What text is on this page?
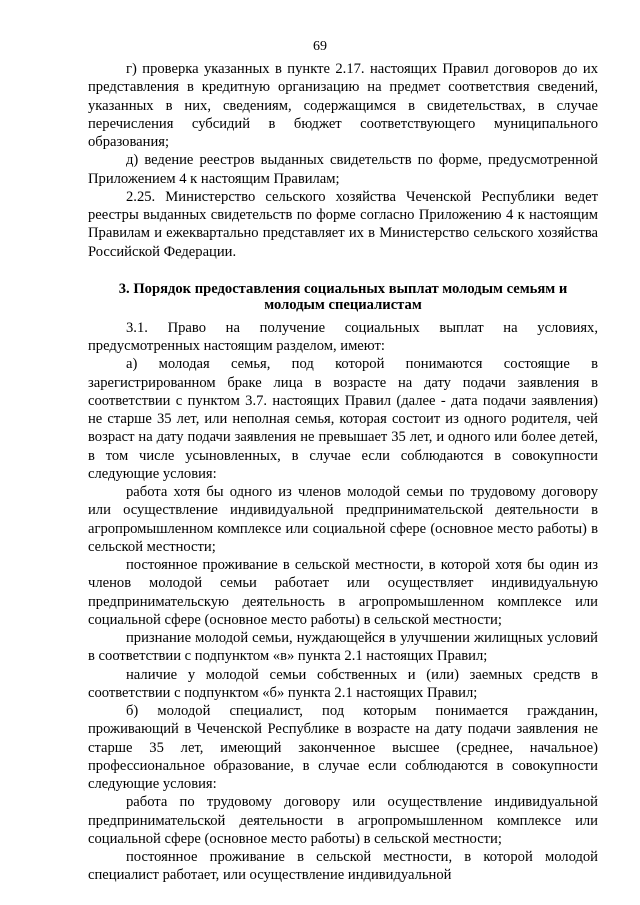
69

г) проверка указанных в пункте 2.17. настоящих Правил договоров до их представления в кредитную организацию на предмет соответствия сведений, указанных в них, сведениям, содержащимся в свидетельствах, в случае перечисления субсидий в бюджет соответствующего муниципального образования;

д) ведение реестров выданных свидетельств по форме, предусмотренной Приложением 4 к настоящим Правилам;

2.25. Министерство сельского хозяйства Чеченской Республики ведет реестры выданных свидетельств по форме согласно Приложению 4 к настоящим Правилам и ежеквартально представляет их в Министерство сельского хозяйства Российской Федерации.

3. Порядок предоставления социальных выплат молодым семьям и молодым специалистам

3.1. Право на получение социальных выплат на условиях, предусмотренных настоящим разделом, имеют:

а) молодая семья, под которой понимаются состоящие в зарегистрированном браке лица в возрасте на дату подачи заявления в соответствии с пунктом 3.7. настоящих Правил (далее - дата подачи заявления) не старше 35 лет, или неполная семья, которая состоит из одного родителя, чей возраст на дату подачи заявления не превышает 35 лет, и одного или более детей, в том числе усыновленных, в случае если соблюдаются в совокупности следующие условия:

работа хотя бы одного из членов молодой семьи по трудовому договору или осуществление индивидуальной предпринимательской деятельности в агропромышленном комплексе или социальной сфере (основное место работы) в сельской местности;

постоянное проживание в сельской местности, в которой хотя бы один из членов молодой семьи работает или осуществляет индивидуальную предпринимательскую деятельность в агропромышленном комплексе или социальной сфере (основное место работы) в сельской местности;

признание молодой семьи, нуждающейся в улучшении жилищных условий в соответствии с подпунктом «в» пункта 2.1 настоящих Правил;

наличие у молодой семьи собственных и (или) заемных средств в соответствии с подпунктом «б» пункта 2.1 настоящих Правил;

б) молодой специалист, под которым понимается гражданин, проживающий в Чеченской Республике в возрасте на дату подачи заявления не старше 35 лет, имеющий законченное высшее (среднее, начальное) профессиональное образование, в случае если соблюдаются в совокупности следующие условия:

работа по трудовому договору или осуществление индивидуальной предпринимательской деятельности в агропромышленном комплексе или социальной сфере (основное место работы) в сельской местности;

постоянное проживание в сельской местности, в которой молодой специалист работает, или осуществление индивидуальной
